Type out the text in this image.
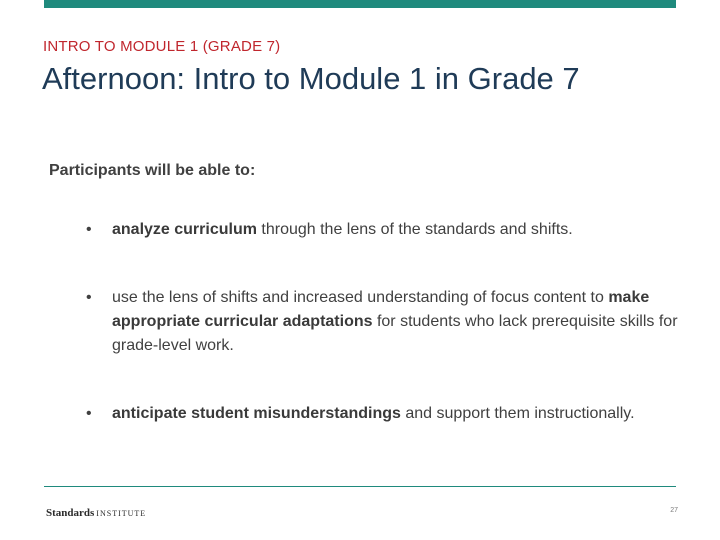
INTRO TO MODULE 1 (GRADE 7)
Afternoon: Intro to Module 1 in Grade 7
Participants will be able to:
•	analyze curriculum through the lens of the standards and shifts.
•	use the lens of shifts and increased understanding of focus content to make appropriate curricular adaptations for students who lack prerequisite skills for grade-level work.
•	anticipate student misunderstandings and support them instructionally.
Standards INSTITUTE	27
